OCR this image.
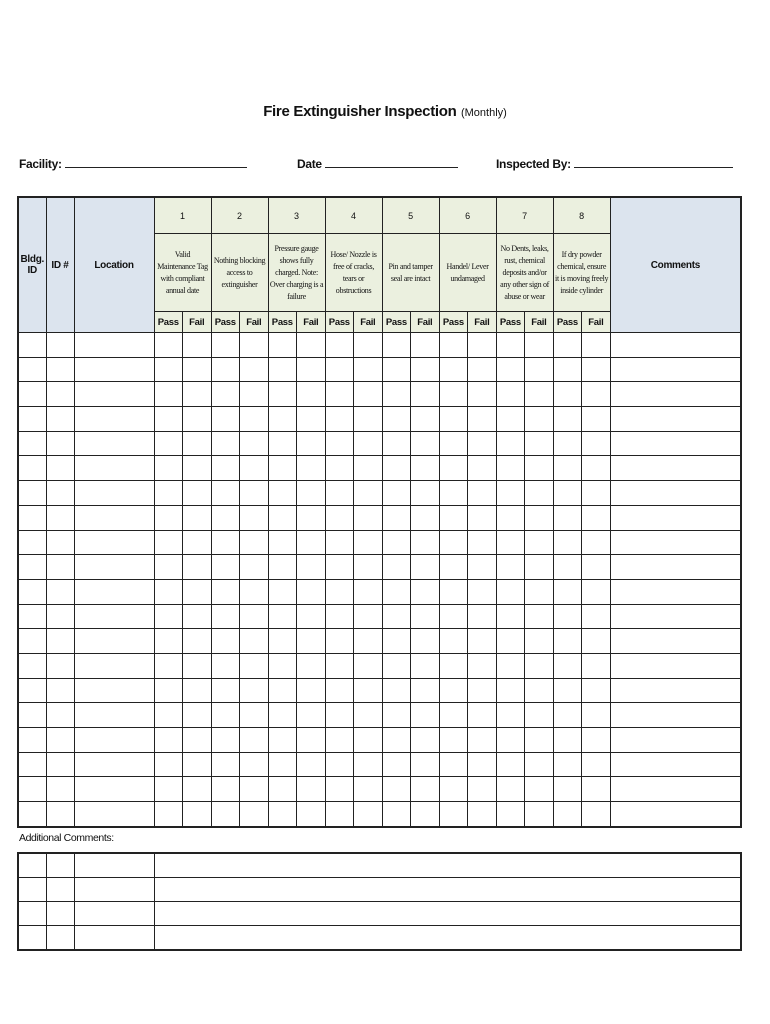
Fire Extinguisher Inspection (Monthly)
Facility:	Date	Inspected By:
Bldg. ID	ID #	Location	1		2		3		4		5		6		7		8		Comments
			Valid Maintenance Tag with compliant annual date		Nothing blocking access to extinguisher		Pressure gauge shows fully charged. Note: Over charging is a failure		Hose/ Nozzle is free of cracks, tears or obstructions		Pin and tamper seal are intact		Handel/ Lever undamaged		No Dents, leaks, rust, chemical deposits and/or any other sign of abuse or wear		If dry powder chemical, ensure it is moving freely inside cylinder		
			Pass	Fail	Pass	Fail	Pass	Fail	Pass	Fail	Pass	Fail	Pass	Fail	Pass	Fail	Pass	Fail	

Additional Comments:
